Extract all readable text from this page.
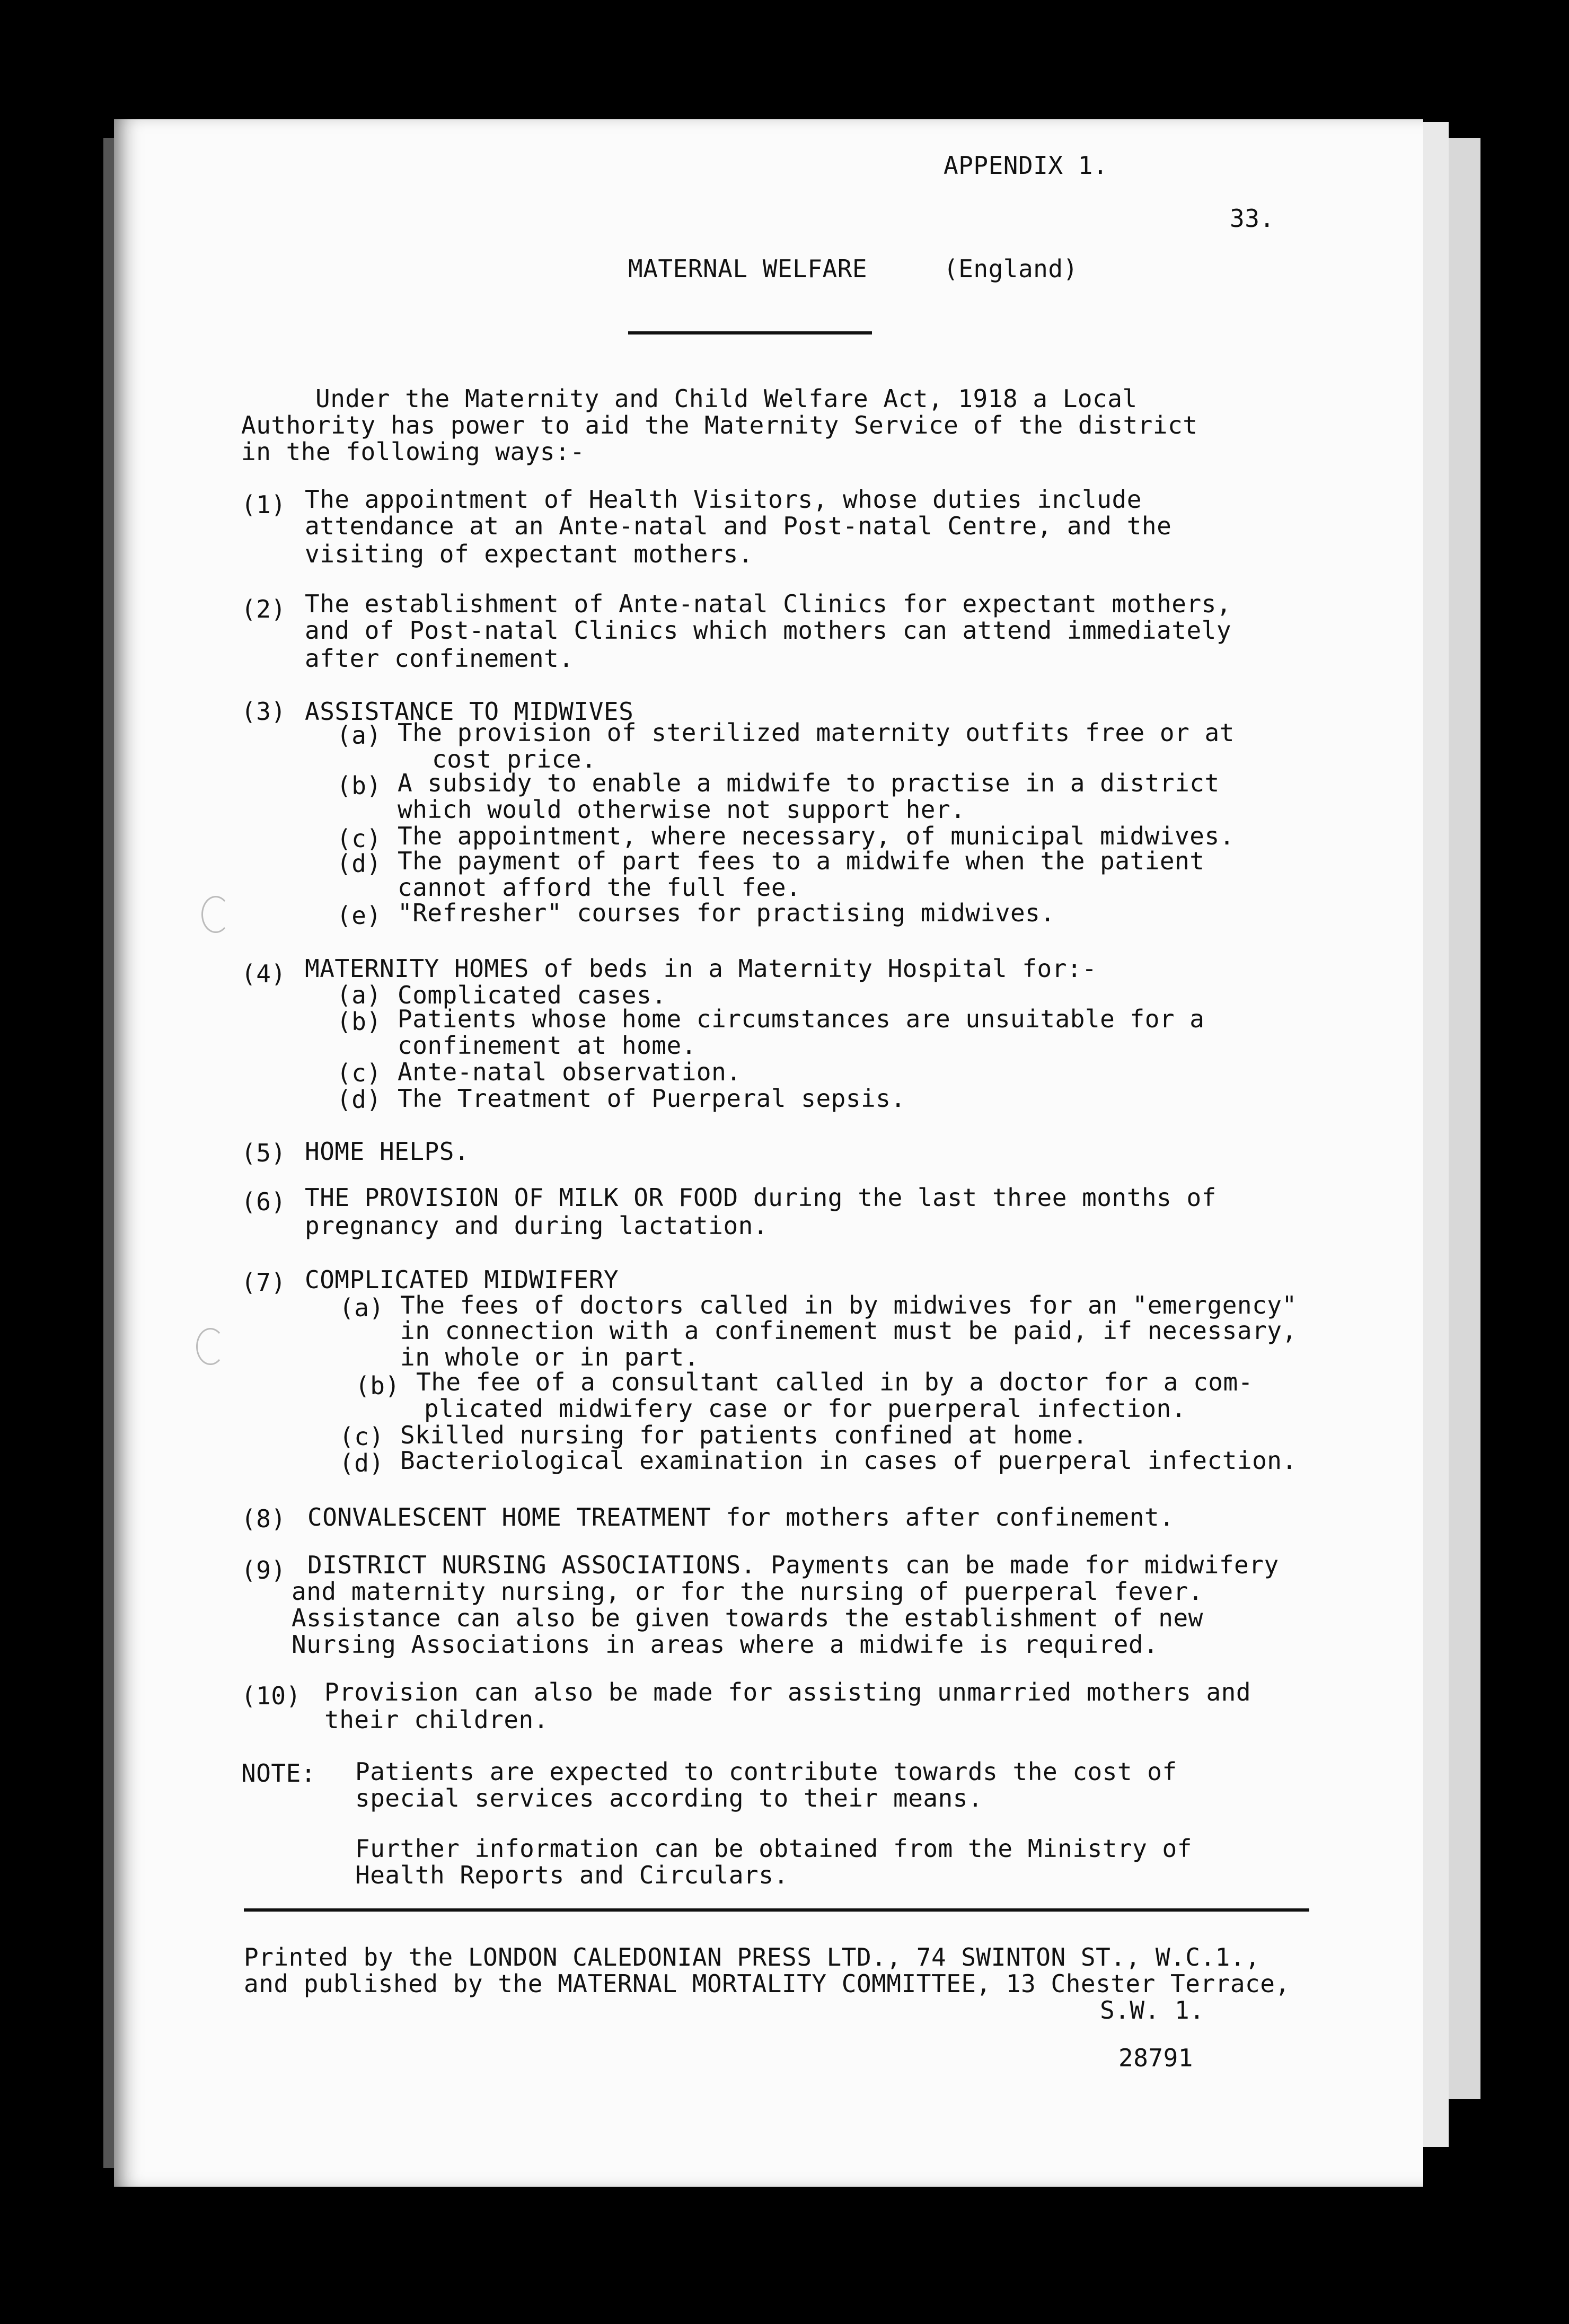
APPENDIX 1.
33.
MATERNAL WELFARE	(England)
Under the Maternity and Child Welfare Act, 1918 a Local
Authority has power to aid the Maternity Service of the district
in the following ways:-
(1) The appointment of Health Visitors, whose duties include
attendance at an Ante-natal and Post-natal Centre, and the
visiting of expectant mothers.
(2) The establishment of Ante-natal Clinics for expectant mothers,
and of Post-natal Clinics which mothers can attend immediately
after confinement.
(3) ASSISTANCE TO MIDWIVES
(a) The provision of sterilized maternity outfits free or at
cost price.
(b) A subsidy to enable a midwife to practise in a district
which would otherwise not support her.
(c) The appointment, where necessary, of municipal midwives.
(d) The payment of part fees to a midwife when the patient
cannot afford the full fee.
(e) "Refresher" courses for practising midwives.
(4) MATERNITY HOMES of beds in a Maternity Hospital for:-
(a) Complicated cases.
(b) Patients whose home circumstances are unsuitable for a
confinement at home.
(c) Ante-natal observation.
(d) The Treatment of Puerperal sepsis.
(5) HOME HELPS.
(6) THE PROVISION OF MILK OR FOOD during the last three months of
pregnancy and during lactation.
(7) COMPLICATED MIDWIFERY
(a) The fees of doctors called in by midwives for an "emergency"
in connection with a confinement must be paid, if necessary,
in whole or in part.
(b) The fee of a consultant called in by a doctor for a com-
plicated midwifery case or for puerperal infection.
(c) Skilled nursing for patients confined at home.
(d) Bacteriological examination in cases of puerperal infection.
(8) CONVALESCENT HOME TREATMENT for mothers after confinement.
(9) DISTRICT NURSING ASSOCIATIONS. Payments can be made for midwifery
and maternity nursing, or for the nursing of puerperal fever.
Assistance can also be given towards the establishment of new
Nursing Associations in areas where a midwife is required.
(10) Provision can also be made for assisting unmarried mothers and
their children.
NOTE: Patients are expected to contribute towards the cost of
special services according to their means.
Further information can be obtained from the Ministry of
Health Reports and Circulars.
Printed by the LONDON CALEDONIAN PRESS LTD., 74 SWINTON ST., W.C.1.,
and published by the MATERNAL MORTALITY COMMITTEE, 13 Chester Terrace,
S.W. 1.
28791
